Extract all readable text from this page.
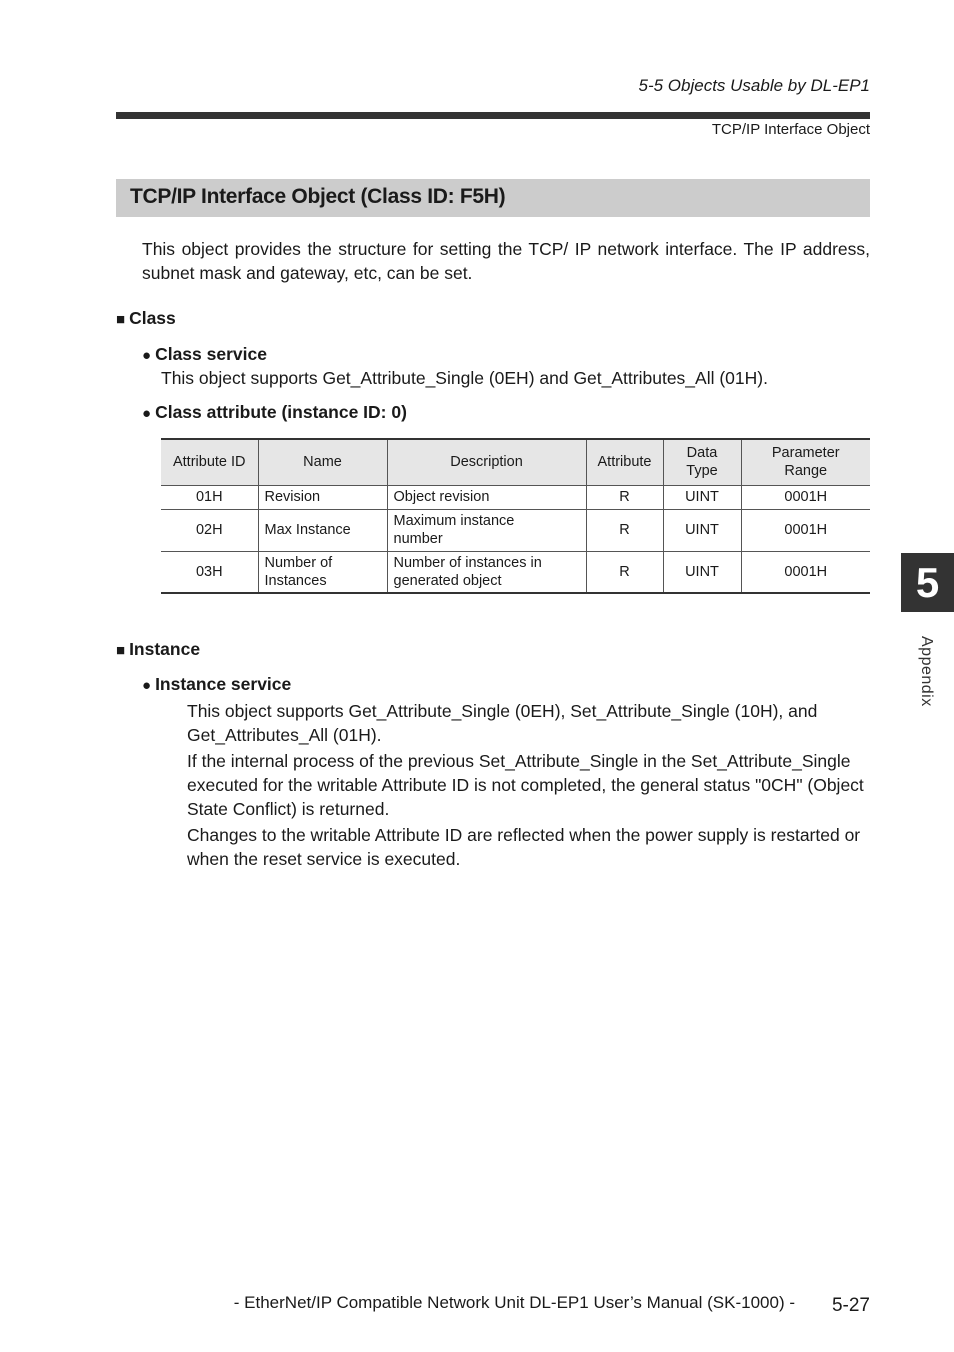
5-5 Objects Usable by DL-EP1
TCP/IP Interface Object
TCP/IP Interface Object (Class ID: F5H)
This object provides the structure for setting the TCP/ IP network interface. The IP address, subnet mask and gateway, etc, can be set.
■ Class
● Class service
This object supports Get_Attribute_Single (0EH) and Get_Attributes_All (01H).
● Class attribute (instance ID: 0)
Attribute ID	Name	Description	Attribute	Data Type	Parameter Range
01H	Revision	Object revision	R	UINT	0001H
02H	Max Instance	Maximum instance number	R	UINT	0001H
03H	Number of Instances	Number of instances in generated object	R	UINT	0001H
■ Instance
● Instance service
This object supports Get_Attribute_Single (0EH), Set_Attribute_Single (10H), and Get_Attributes_All (01H).
If the internal process of the previous Set_Attribute_Single in the Set_Attribute_Single executed for the writable Attribute ID is not completed, the general status "0CH" (Object State Conflict) is returned.
Changes to the writable Attribute ID are reflected when the power supply is restarted or when the reset service is executed.
5
Appendix
- EtherNet/IP Compatible Network Unit DL-EP1 User’s Manual (SK-1000) -	5-27
